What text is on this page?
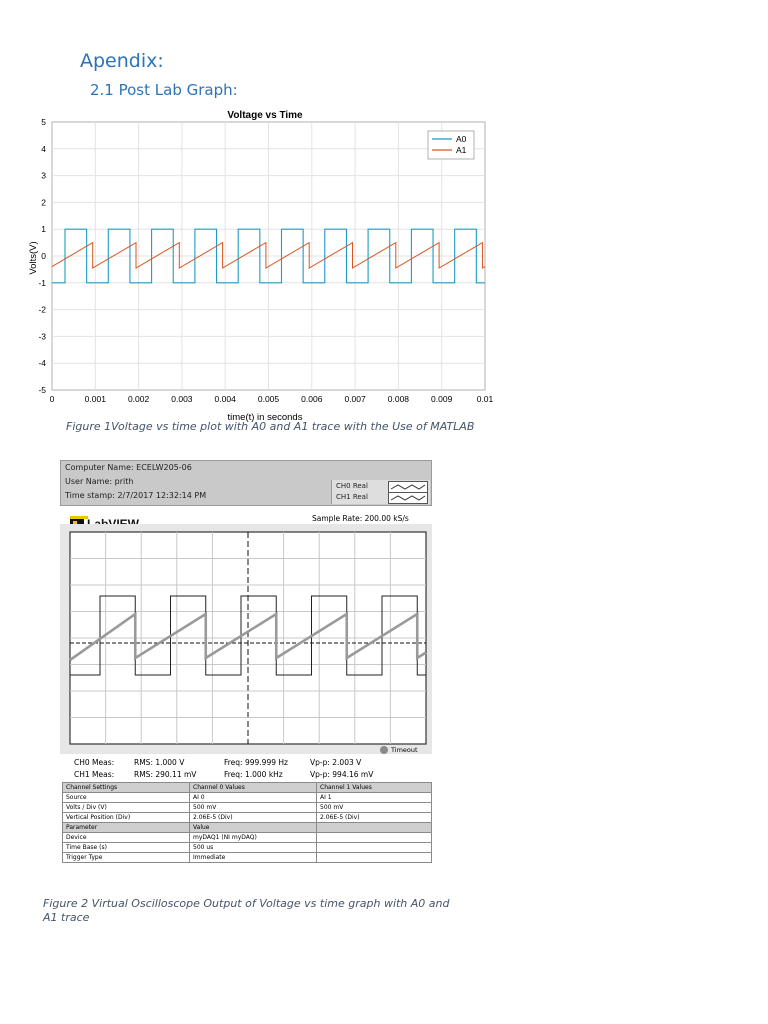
Apendix:
2.1 Post Lab Graph:
0	0.001	0.002	0.003	0.004	0.005	0.006	0.007	0.008	0.009	0.01
5
4
3
2
1
0
-1
-2
-3
-4
-5
Voltage vs Time
time(t) in seconds
Volts(V)
A0
A1
Figure 1Voltage vs time plot with A0 and A1 trace with the Use of MATLAB
Computer Name: ECELW205-06
User Name: prith
Time stamp: 2/7/2017 12:32:14 PM
CH0 Real
CH1 Real
Sample Rate: 200.00 kS/s
Timeout
CH0 Meas:	RMS: 1.000 V	Freq: 999.999 Hz	Vp-p: 2.003 V
CH1 Meas:	RMS: 290.11 mV	Freq: 1.000 kHz	Vp-p: 994.16 mV
Channel Settings	Channel 0 Values	Channel 1 Values
Source	AI 0	AI 1
Volts / Div (V)	500 mV	500 mV
Vertical Position (Div)	2.06E-5 (Div)	2.06E-5 (Div)
Parameter	Value	
Device	myDAQ1 (NI myDAQ)	
Time Base (s)	500 us	
Trigger Type	Immediate	
Figure 2 Virtual Oscilloscope Output of Voltage vs time graph with A0 and A1 trace
